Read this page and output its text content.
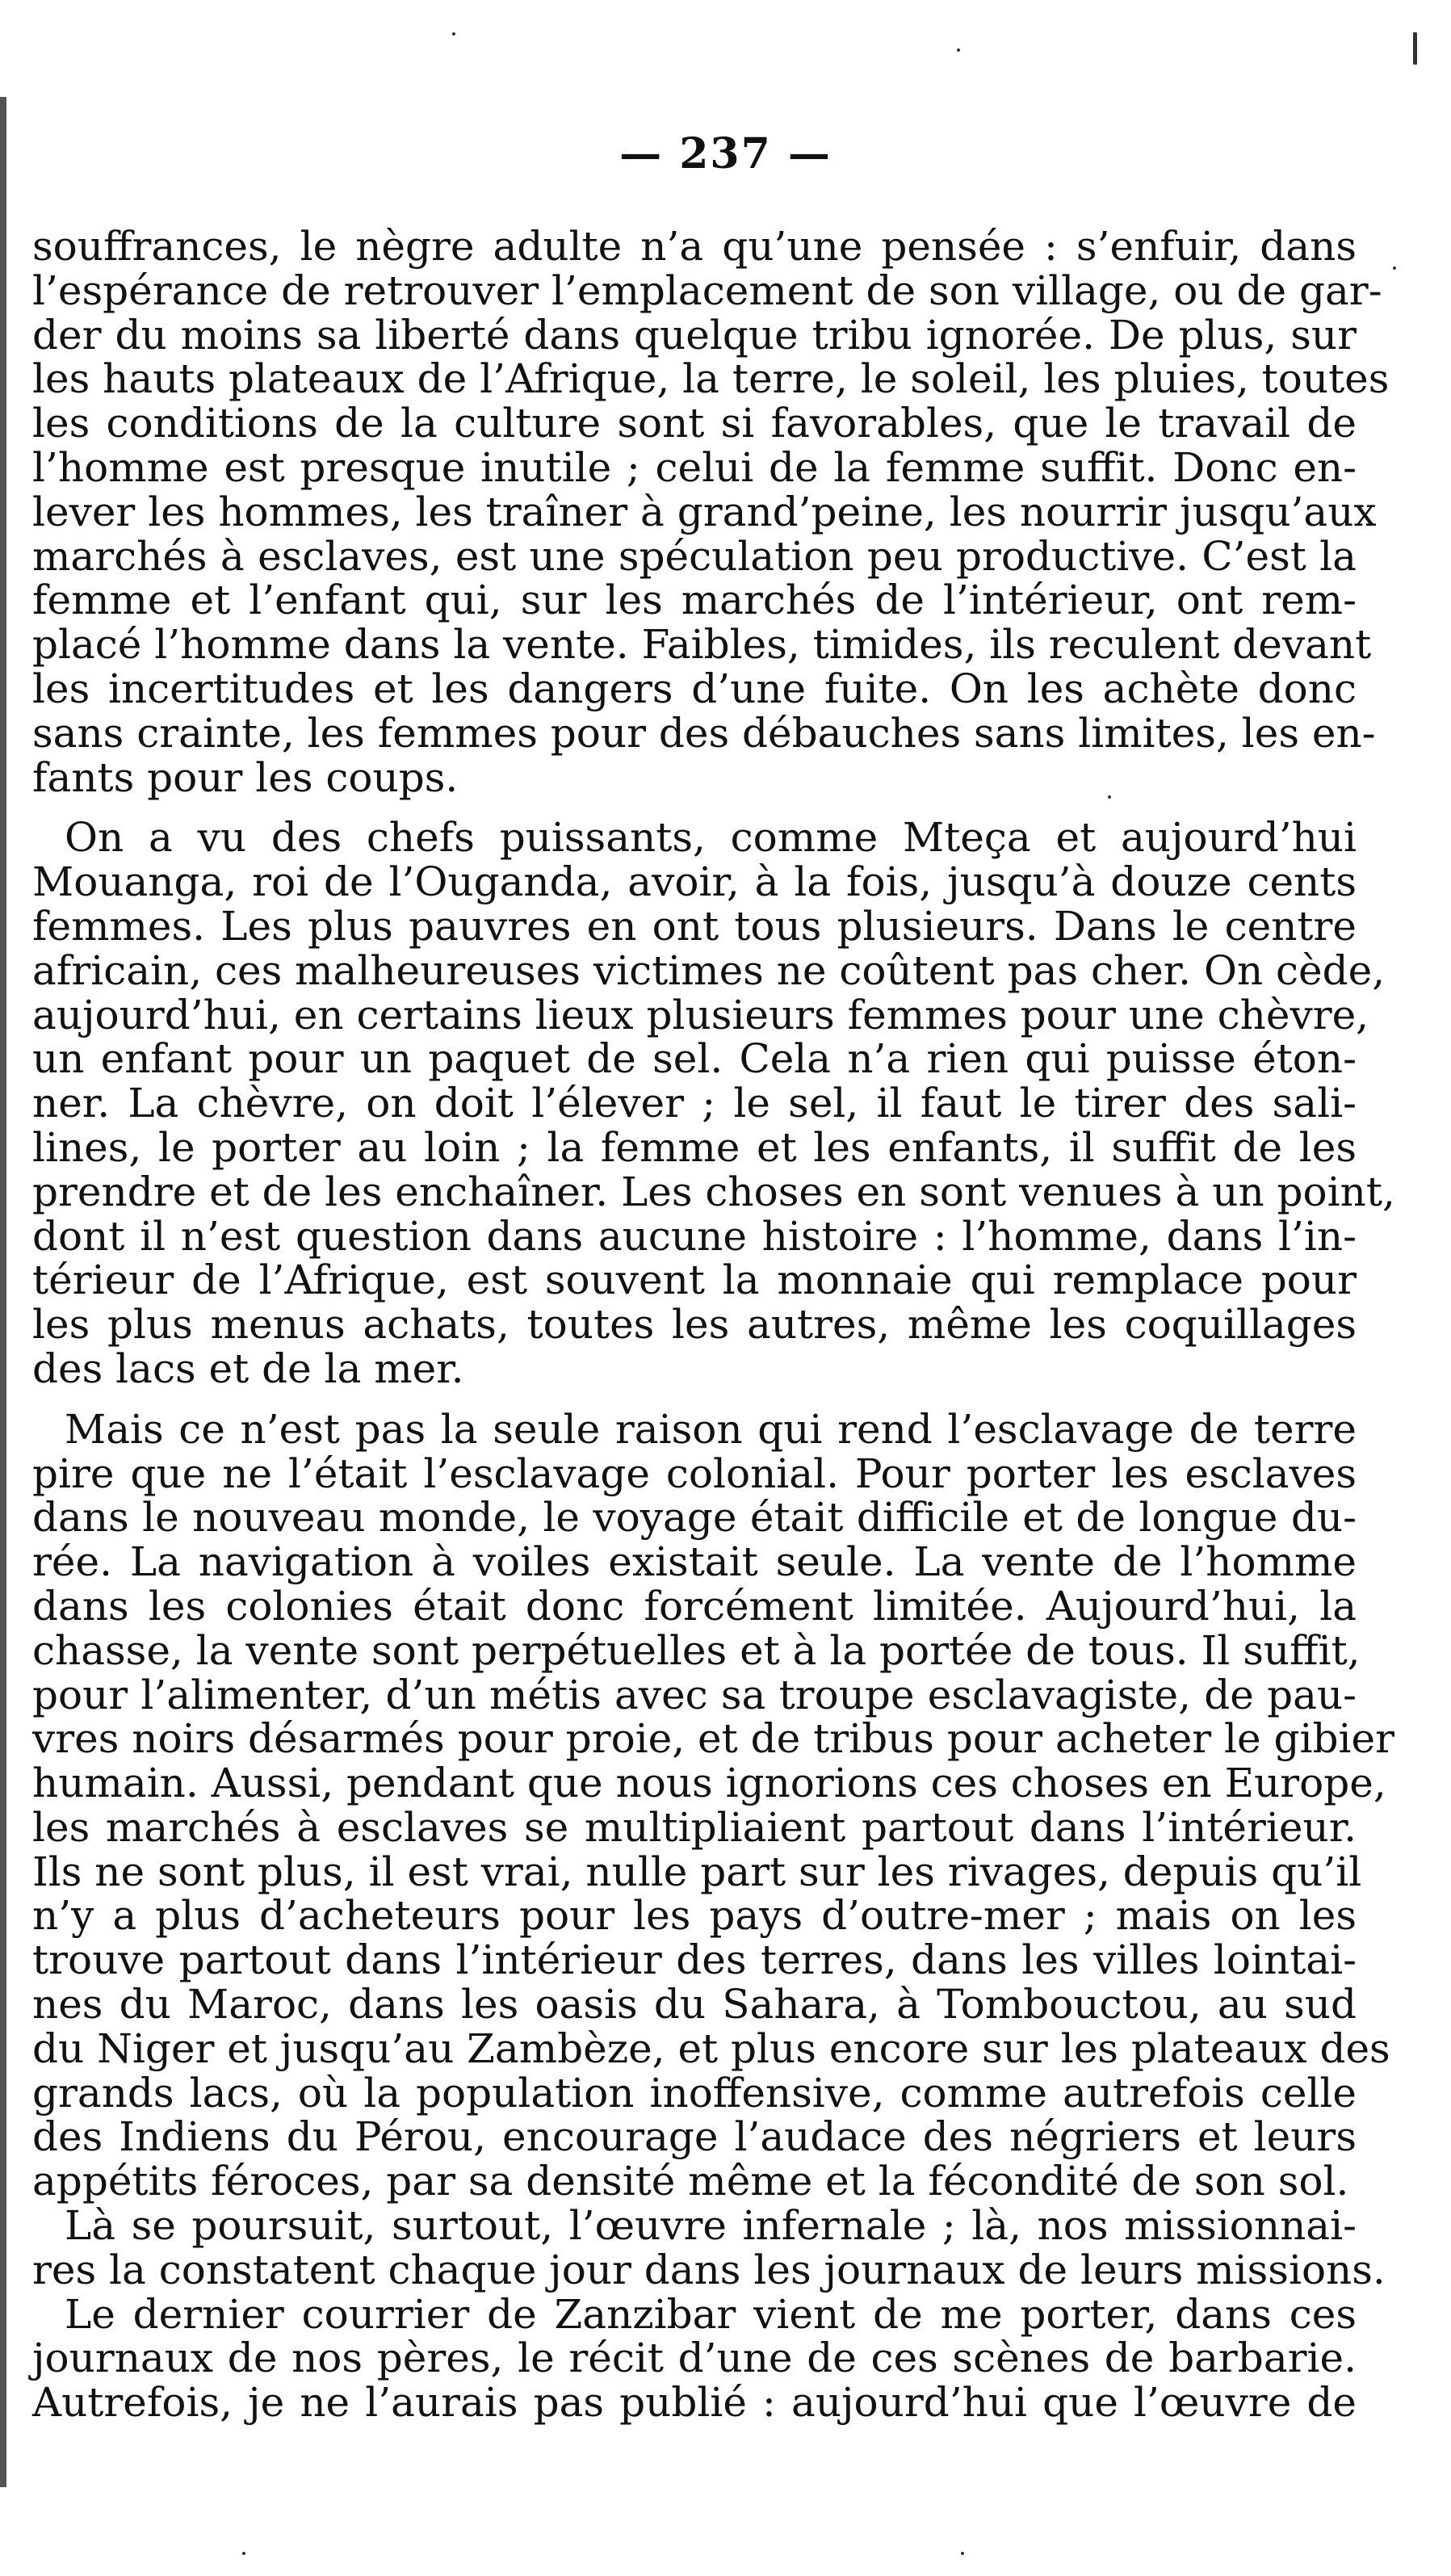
— 237 —
souffrances, le nègre adulte n’a qu’une pensée : s’enfuir, dans
l’espérance de retrouver l’emplacement de son village, ou de gar-
der du moins sa liberté dans quelque tribu ignorée. De plus, sur
les hauts plateaux de l’Afrique, la terre, le soleil, les pluies, toutes
les conditions de la culture sont si favorables, que le travail de
l’homme est presque inutile ; celui de la femme suffit. Donc en-
lever les hommes, les traîner à grand’peine, les nourrir jusqu’aux
marchés à esclaves, est une spéculation peu productive. C’est la
femme et l’enfant qui, sur les marchés de l’intérieur, ont rem-
placé l’homme dans la vente. Faibles, timides, ils reculent devant
les incertitudes et les dangers d’une fuite. On les achète donc
sans crainte, les femmes pour des débauches sans limites, les en-
fants pour les coups.
On a vu des chefs puissants, comme Mteça et aujourd’hui
Mouanga, roi de l’Ouganda, avoir, à la fois, jusqu’à douze cents
femmes. Les plus pauvres en ont tous plusieurs. Dans le centre
africain, ces malheureuses victimes ne coûtent pas cher. On cède,
aujourd’hui, en certains lieux plusieurs femmes pour une chèvre,
un enfant pour un paquet de sel. Cela n’a rien qui puisse éton-
ner. La chèvre, on doit l’élever ; le sel, il faut le tirer des sali-
lines, le porter au loin ; la femme et les enfants, il suffit de les
prendre et de les enchaîner. Les choses en sont venues à un point,
dont il n’est question dans aucune histoire : l’homme, dans l’in-
térieur de l’Afrique, est souvent la monnaie qui remplace pour
les plus menus achats, toutes les autres, même les coquillages
des lacs et de la mer.
Mais ce n’est pas la seule raison qui rend l’esclavage de terre
pire que ne l’était l’esclavage colonial. Pour porter les esclaves
dans le nouveau monde, le voyage était difficile et de longue du-
rée. La navigation à voiles existait seule. La vente de l’homme
dans les colonies était donc forcément limitée. Aujourd’hui, la
chasse, la vente sont perpétuelles et à la portée de tous. Il suffit,
pour l’alimenter, d’un métis avec sa troupe esclavagiste, de pau-
vres noirs désarmés pour proie, et de tribus pour acheter le gibier
humain. Aussi, pendant que nous ignorions ces choses en Europe,
les marchés à esclaves se multipliaient partout dans l’intérieur.
Ils ne sont plus, il est vrai, nulle part sur les rivages, depuis qu’il
n’y a plus d’acheteurs pour les pays d’outre-mer ; mais on les
trouve partout dans l’intérieur des terres, dans les villes lointai-
nes du Maroc, dans les oasis du Sahara, à Tombouctou, au sud
du Niger et jusqu’au Zambèze, et plus encore sur les plateaux des
grands lacs, où la population inoffensive, comme autrefois celle
des Indiens du Pérou, encourage l’audace des négriers et leurs
appétits féroces, par sa densité même et la fécondité de son sol.
Là se poursuit, surtout, l’œuvre infernale ; là, nos missionnai-
res la constatent chaque jour dans les journaux de leurs missions.
Le dernier courrier de Zanzibar vient de me porter, dans ces
journaux de nos pères, le récit d’une de ces scènes de barbarie.
Autrefois, je ne l’aurais pas publié : aujourd’hui que l’œuvre de
